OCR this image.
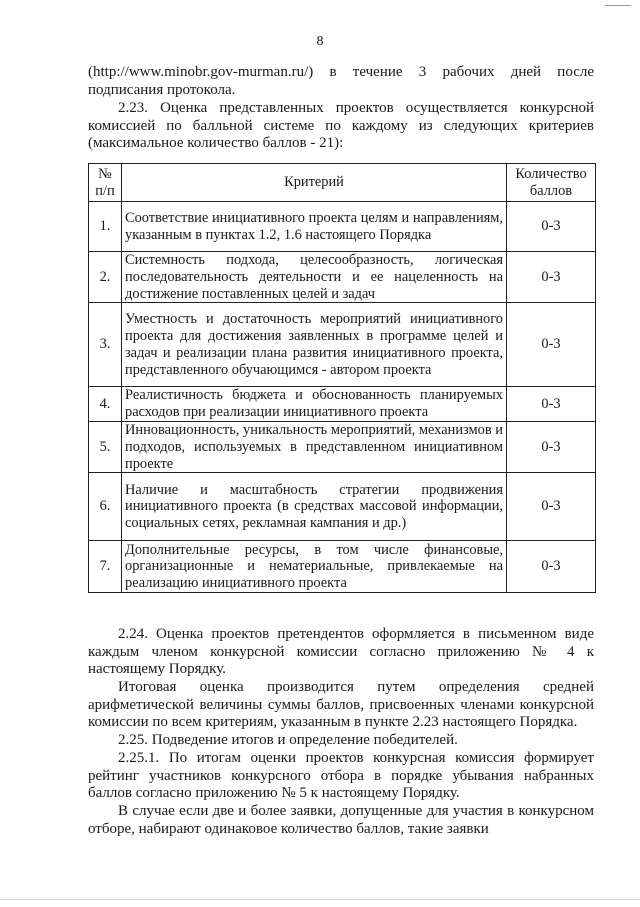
8

(http://www.minobr.gov-murman.ru/) в течение 3 рабочих дней после подписания протокола.

2.23. Оценка представленных проектов осуществляется конкурсной комиссией по балльной системе по каждому из следующих критериев (максимальное количество баллов - 21):

№ п/п	Критерий	Количество баллов
1.	Соответствие инициативного проекта целям и направлениям, указанным в пунктах 1.2, 1.6 настоящего Порядка	0-3
2.	Системность подхода, целесообразность, логическая последовательность деятельности и ее нацеленность на достижение поставленных целей и задач	0-3
3.	Уместность и достаточность мероприятий инициативного проекта для достижения заявленных в программе целей и задач и реализации плана развития инициативного проекта, представленного обучающимся - автором проекта	0-3
4.	Реалистичность бюджета и обоснованность планируемых расходов при реализации инициативного проекта	0-3
5.	Инновационность, уникальность мероприятий, механизмов и подходов, используемых в представленном инициативном проекте	0-3
6.	Наличие и масштабность стратегии продвижения инициативного проекта (в средствах массовой информации, социальных сетях, рекламная кампания и др.)	0-3
7.	Дополнительные ресурсы, в том числе финансовые, организационные и нематериальные, привлекаемые на реализацию инициативного проекта	0-3

2.24. Оценка проектов претендентов оформляется в письменном виде каждым членом конкурсной комиссии согласно приложению № 4 к настоящему Порядку.

Итоговая оценка производится путем определения средней арифметической величины суммы баллов, присвоенных членами конкурсной комиссии по всем критериям, указанным в пункте 2.23 настоящего Порядка.

2.25. Подведение итогов и определение победителей.

2.25.1. По итогам оценки проектов конкурсная комиссия формирует рейтинг участников конкурсного отбора в порядке убывания набранных баллов согласно приложению № 5 к настоящему Порядку.

В случае если две и более заявки, допущенные для участия в конкурсном отборе, набирают одинаковое количество баллов, такие заявки
